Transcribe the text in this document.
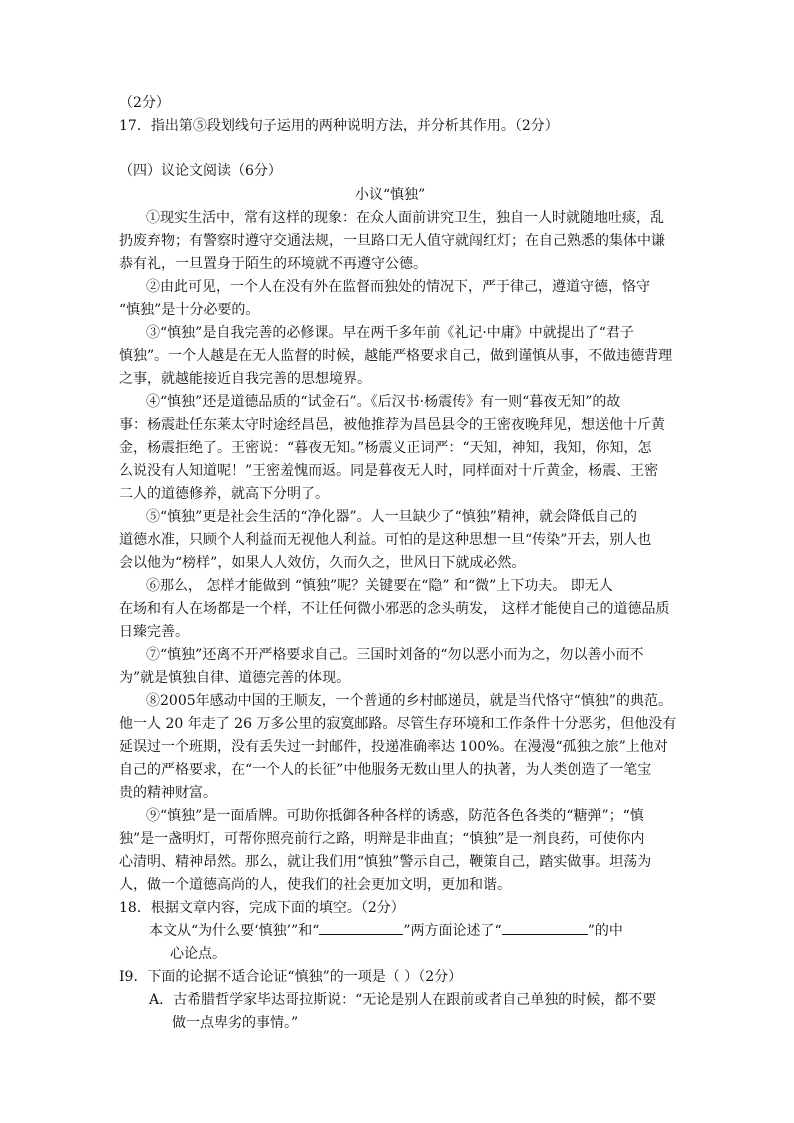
（2分）
17．指出第⑤段划线句子运用的两种说明方法，并分析其作用。（2分）
（四）议论文阅读（6分）
小议“慎独”
①现实生活中，常有这样的现象：在众人面前讲究卫生，独自一人时就随地吐痰，乱
扔废弃物；有警察时遵守交通法规，一旦路口无人值守就闯红灯；在自己熟悉的集体中谦
恭有礼，一旦置身于陌生的环境就不再遵守公德。
②由此可见，一个人在没有外在监督而独处的情况下，严于律己，遵道守德，恪守
“慎独”是十分必要的。
③“慎独”是自我完善的必修课。早在两千多年前《礼记·中庸》中就提出了“君子
慎独”。一个人越是在无人监督的时候，越能严格要求自己，做到谨慎从事，不做违德背理
之事，就越能接近自我完善的思想境界。
④“慎独”还是道德品质的“试金石”。《后汉书·杨震传》有一则“暮夜无知”的故
事：杨震赴任东莱太守时途经昌邑，被他推荐为昌邑县令的王密夜晚拜见，想送他十斤黄
金，杨震拒绝了。王密说：“暮夜无知。”杨震义正词严：“天知，神知，我知，你知，怎
么说没有人知道呢！”王密羞愧而返。同是暮夜无人时，同样面对十斤黄金，杨震、王密
二人的道德修养，就高下分明了。
⑤“慎独”更是社会生活的“净化器”。人一旦缺少了“慎独”精神，就会降低自己的
道德水准，只顾个人利益而无视他人利益。可怕的是这种思想一旦“传染”开去，别人也
会以他为“榜样”，如果人人效仿，久而久之，世风日下就成必然。
⑥那么， 怎样才能做到 “慎独”呢？关键要在“隐” 和“微”上下功夫。 即无人
在场和有人在场都是一个样，不让任何微小邪恶的念头萌发， 这样才能使自己的道德品质
日臻完善。
⑦“慎独”还离不开严格要求自己。三国时刘备的“勿以恶小而为之，勿以善小而不
为”就是慎独自律、道德完善的体现。
⑧2005年感动中国的王顺友，一个普通的乡村邮递员，就是当代恪守“慎独”的典范。
他一人 20 年走了 26 万多公里的寂寞邮路。尽管生存环境和工作条件十分恶劣，但他没有
延误过一个班期，没有丢失过一封邮件，投递准确率达 100%。在漫漫“孤独之旅”上他对
自己的严格要求，在“一个人的长征”中他服务无数山里人的执著，为人类创造了一笔宝
贵的精神财富。
⑨“慎独”是一面盾牌。可助你抵御各种各样的诱惑，防范各色各类的“糖弹”；“慎
独”是一盏明灯，可帮你照亮前行之路，明辩是非曲直；“慎独”是一剂良药，可使你内
心清明、精神昂然。那么，就让我们用“慎独”警示自己，鞭策自己，踏实做事。坦荡为
人，做一个道德高尚的人，使我们的社会更加文明，更加和谐。
18．根据文章内容，完成下面的填空。（2分）
本文从“为什么要‘慎独’”和“	”两方面论述了“	”的中
心论点。
I9．下面的论据不适合论证“慎独”的一项是（ ）（2分）
A．古希腊哲学家毕达哥拉斯说：“无论是别人在跟前或者自己单独的时候，都不要
做一点卑劣的事情。”
